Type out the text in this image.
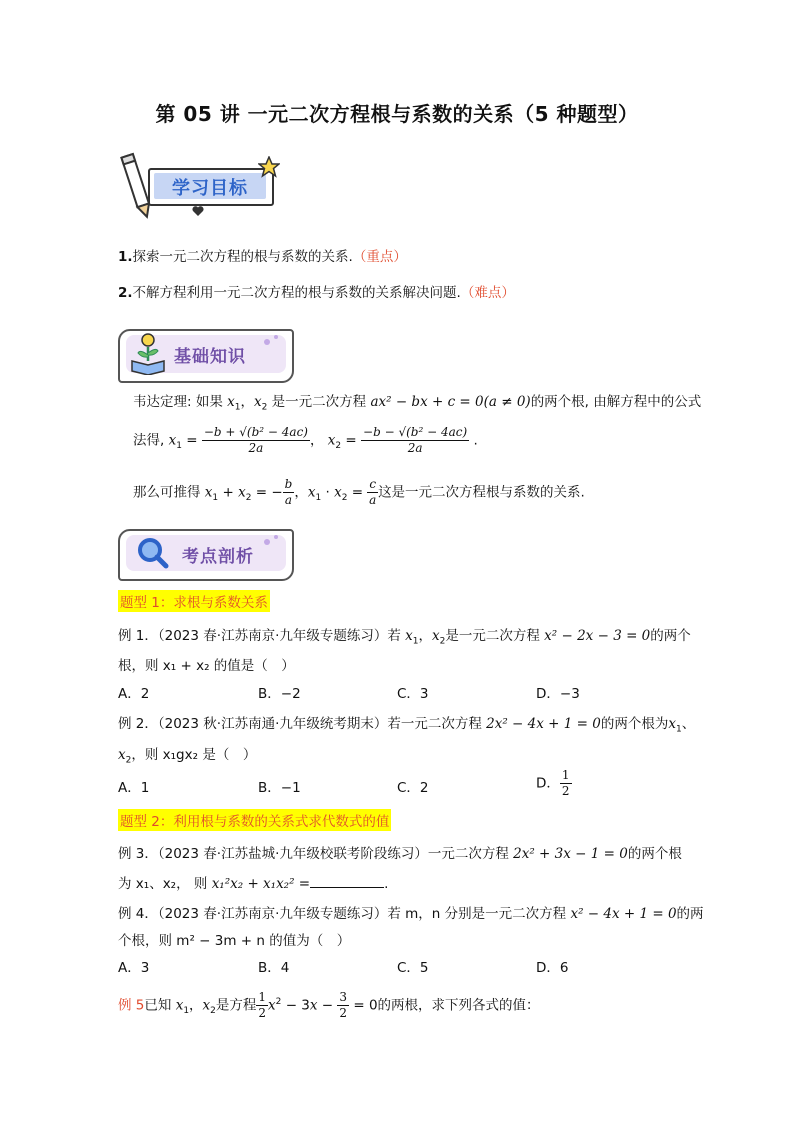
第 05 讲 一元二次方程根与系数的关系（5 种题型）
学习目标
1.探索一元二次方程的根与系数的关系.（重点）
2.不解方程利用一元二次方程的根与系数的关系解决问题.（难点）
基础知识
韦达定理: 如果 $x_1$，$x_2$ 是一元二次方程 ax² − bx + c = 0(a ≠ 0)的两个根, 由解方程中的公式
法得, $x_1 = \frac{\text{−b + √(b² − 4ac)}}{2a}$ ， $x_2 = \frac{\text{−b − √(b² − 4ac)}}{2a}$ .
那么可推得 $x_1 + x_2$ = − $\frac{b}{a}$ ，$x_1 \cdot x_2 = \frac{c}{a}$ 这是一元二次方程根与系数的关系.
考点剖析
题型 1：求根与系数关系
例 1．（2023 春·江苏南京·九年级专题练习）若 $x_1$，$x_2$是一元二次方程 x² − 2x − 3 = 0的两个
根，则 x₁ + x₂ 的值是（　）
A．2	B．−2	C．3	D．−3
例 2．（2023 秋·江苏南通·九年级统考期末）若一元二次方程 2x² − 4x + 1 = 0的两个根为$x_1$、
$x_2$，则 x₁gx₂ 是（　）
A．1	B．−1	C．2	D． $\frac{1}{2}$
题型 2：利用根与系数的关系式求代数式的值
例 3．（2023 春·江苏盐城·九年级校联考阶段练习）一元二次方程 2x² + 3x − 1 = 0的两个根
为 x₁、x₂， 则 x₁²x₂ + x₁x₂² =	.
例 4．（2023 春·江苏南京·九年级专题练习）若 m，n 分别是一元二次方程 x² − 4x + 1 = 0的两
个根，则 m² − 3m + n 的值为（　）
A．3	B．4	C．5	D．6
例 5已知 $x_1$，$x_2$是方程 $\frac{1}{2} x^2 - 3x - \frac{3}{2} = 0$的两根，求下列各式的值：
